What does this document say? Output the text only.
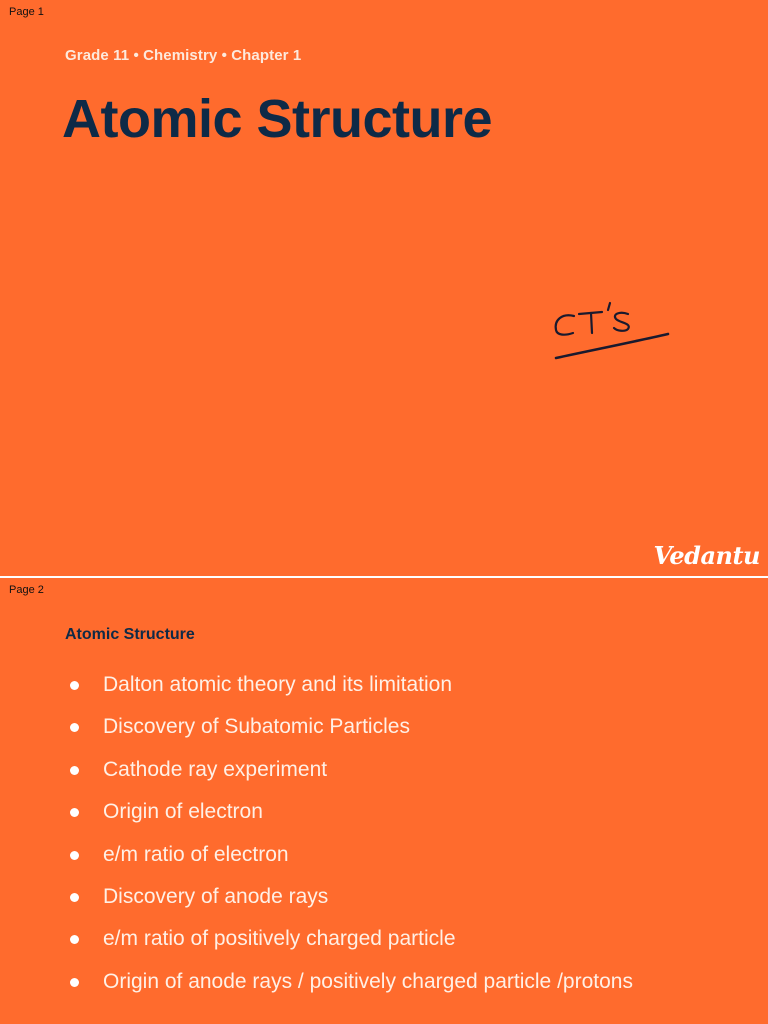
Page 1
Grade 11 • Chemistry • Chapter 1
Atomic Structure
Vedantu
Page 2
Atomic Structure
Dalton atomic theory and its limitation
Discovery of Subatomic Particles
Cathode ray experiment
Origin of electron
e/m ratio of electron
Discovery of anode rays
e/m ratio of positively charged particle
Origin of anode rays / positively charged particle /protons
